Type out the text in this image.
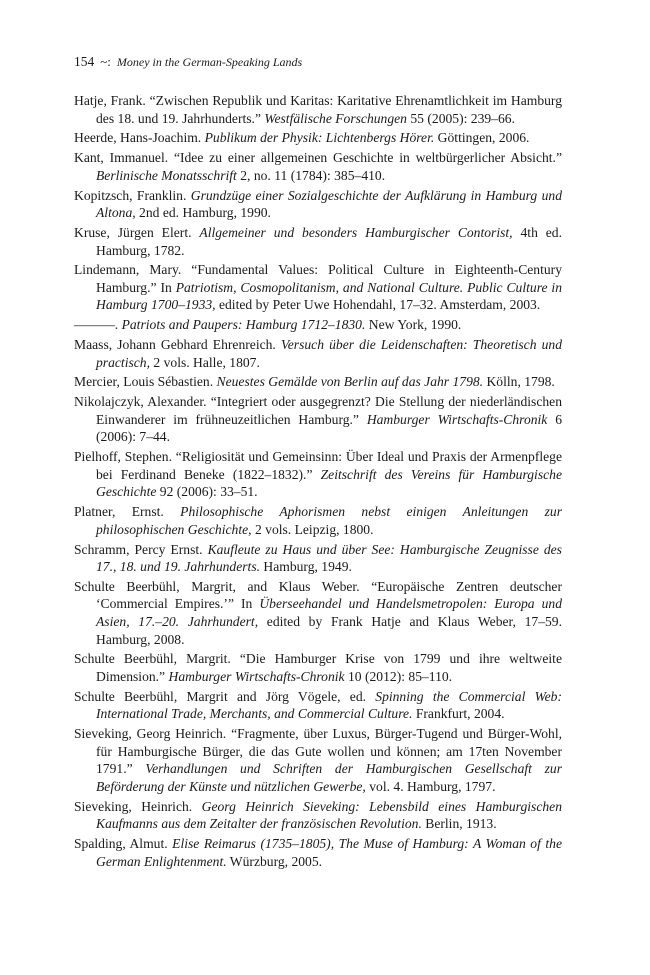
154 ~: Money in the German-Speaking Lands

Hatje, Frank. “Zwischen Republik und Karitas: Karitative Ehrenamtlichkeit im Hamburg des 18. und 19. Jahrhunderts.” Westfälische Forschungen 55 (2005): 239–66.

Heerde, Hans-Joachim. Publikum der Physik: Lichtenbergs Hörer. Göttingen, 2006.

Kant, Immanuel. “Idee zu einer allgemeinen Geschichte in weltbürgerlicher Absicht.” Berlinische Monatsschrift 2, no. 11 (1784): 385–410.

Kopitzsch, Franklin. Grundzüge einer Sozialgeschichte der Aufklärung in Hamburg und Altona, 2nd ed. Hamburg, 1990.

Kruse, Jürgen Elert. Allgemeiner und besonders Hamburgischer Contorist, 4th ed. Hamburg, 1782.

Lindemann, Mary. “Fundamental Values: Political Culture in Eighteenth-Century Hamburg.” In Patriotism, Cosmopolitanism, and National Culture. Public Culture in Hamburg 1700–1933, edited by Peter Uwe Hohendahl, 17–32. Amsterdam, 2003.

———. Patriots and Paupers: Hamburg 1712–1830. New York, 1990.

Maass, Johann Gebhard Ehrenreich. Versuch über die Leidenschaften: Theoretisch und practisch, 2 vols. Halle, 1807.

Mercier, Louis Sébastien. Neuestes Gemälde von Berlin auf das Jahr 1798. Kölln, 1798.

Nikolajczyk, Alexander. “Integriert oder ausgegrenzt? Die Stellung der niederländischen Einwanderer im frühneuzeitlichen Hamburg.” Hamburger Wirtschafts-Chronik 6 (2006): 7–44.

Pielhoff, Stephen. “Religiosität und Gemeinsinn: Über Ideal und Praxis der Armenpflege bei Ferdinand Beneke (1822–1832).” Zeitschrift des Vereins für Hamburgische Geschichte 92 (2006): 33–51.

Platner, Ernst. Philosophische Aphorismen nebst einigen Anleitungen zur philosophischen Geschichte, 2 vols. Leipzig, 1800.

Schramm, Percy Ernst. Kaufleute zu Haus und über See: Hamburgische Zeugnisse des 17., 18. und 19. Jahrhunderts. Hamburg, 1949.

Schulte Beerbühl, Margrit, and Klaus Weber. “Europäische Zentren deutscher ‘Commercial Empires.’” In Überseehandel und Handelsmetropolen: Europa und Asien, 17.–20. Jahrhundert, edited by Frank Hatje and Klaus Weber, 17–59. Hamburg, 2008.

Schulte Beerbühl, Margrit. “Die Hamburger Krise von 1799 und ihre weltweite Dimension.” Hamburger Wirtschafts-Chronik 10 (2012): 85–110.

Schulte Beerbühl, Margrit and Jörg Vögele, ed. Spinning the Commercial Web: International Trade, Merchants, and Commercial Culture. Frankfurt, 2004.

Sieveking, Georg Heinrich. “Fragmente, über Luxus, Bürger-Tugend und Bürger-Wohl, für Hamburgische Bürger, die das Gute wollen und können; am 17ten November 1791.” Verhandlungen und Schriften der Hamburgischen Gesellschaft zur Beförderung der Künste und nützlichen Gewerbe, vol. 4. Hamburg, 1797.

Sieveking, Heinrich. Georg Heinrich Sieveking: Lebensbild eines Hamburgischen Kaufmanns aus dem Zeitalter der französischen Revolution. Berlin, 1913.

Spalding, Almut. Elise Reimarus (1735–1805), The Muse of Hamburg: A Woman of the German Enlightenment. Würzburg, 2005.
